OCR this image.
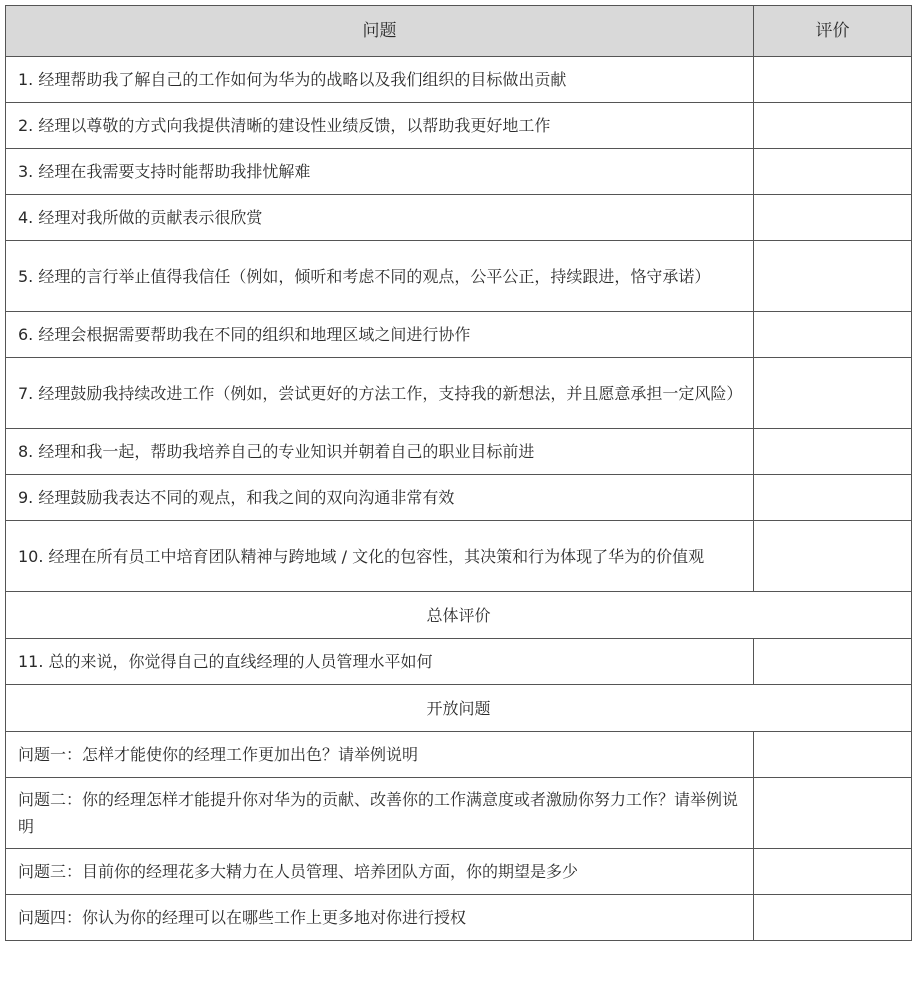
问题	评价
1. 经理帮助我了解自己的工作如何为华为的战略以及我们组织的目标做出贡献	
2. 经理以尊敬的方式向我提供清晰的建设性业绩反馈，以帮助我更好地工作	
3. 经理在我需要支持时能帮助我排忧解难	
4. 经理对我所做的贡献表示很欣赏	
5. 经理的言行举止值得我信任（例如，倾听和考虑不同的观点，公平公正，持续跟进，恪守承诺）	
6. 经理会根据需要帮助我在不同的组织和地理区域之间进行协作	
7. 经理鼓励我持续改进工作（例如，尝试更好的方法工作，支持我的新想法，并且愿意承担一定风险）	
8. 经理和我一起，帮助我培养自己的专业知识并朝着自己的职业目标前进	
9. 经理鼓励我表达不同的观点，和我之间的双向沟通非常有效	
10. 经理在所有员工中培育团队精神与跨地域 / 文化的包容性，其决策和行为体现了华为的价值观	
总体评价	
11. 总的来说，你觉得自己的直线经理的人员管理水平如何	
开放问题	
问题一：怎样才能使你的经理工作更加出色？请举例说明	
问题二：你的经理怎样才能提升你对华为的贡献、改善你的工作满意度或者激励你努力工作？请举例说明	
问题三：目前你的经理花多大精力在人员管理、培养团队方面，你的期望是多少	
问题四：你认为你的经理可以在哪些工作上更多地对你进行授权	
